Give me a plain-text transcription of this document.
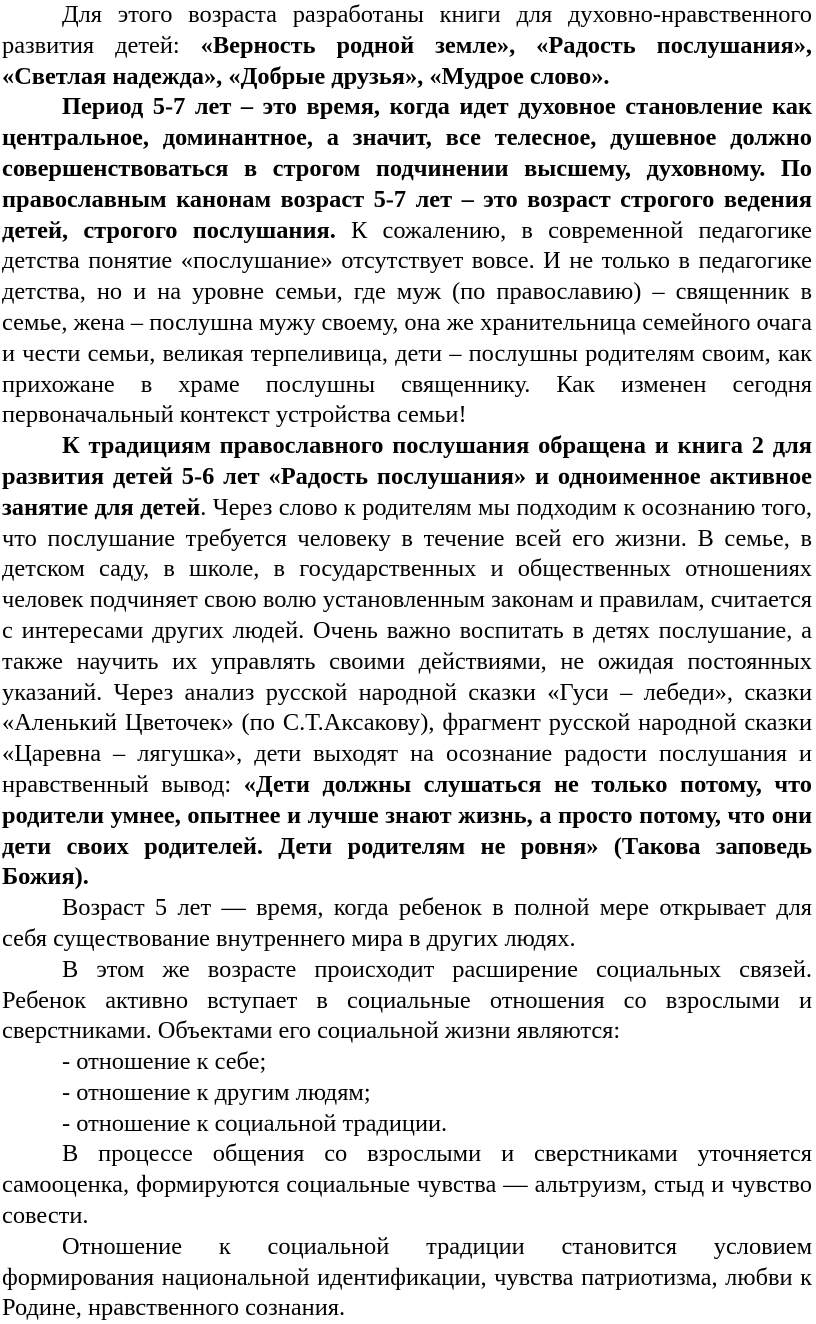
Для этого возраста разработаны книги для духовно-нравственного развития детей: «Верность родной земле», «Радость послушания», «Светлая надежда», «Добрые друзья», «Мудрое слово».

Период 5-7 лет – это время, когда идет духовное становление как центральное, доминантное, а значит, все телесное, душевное должно совершенствоваться в строгом подчинении высшему, духовному. По православным канонам возраст 5-7 лет – это возраст строгого ведения детей, строгого послушания. К сожалению, в современной педагогике детства понятие «послушание» отсутствует вовсе. И не только в педагогике детства, но и на уровне семьи, где муж (по православию) – священник в семье, жена – послушна мужу своему, она же хранительница семейного очага и чести семьи, великая терпеливица, дети – послушны родителям своим, как прихожане в храме послушны священнику. Как изменен сегодня первоначальный контекст устройства семьи!

К традициям православного послушания обращена и книга 2 для развития детей 5-6 лет «Радость послушания» и одноименное активное занятие для детей. Через слово к родителям мы подходим к осознанию того, что послушание требуется человеку в течение всей его жизни. В семье, в детском саду, в школе, в государственных и общественных отношениях человек подчиняет свою волю установленным законам и правилам, считается с интересами других людей. Очень важно воспитать в детях послушание, а также научить их управлять своими действиями, не ожидая постоянных указаний. Через анализ русской народной сказки «Гуси – лебеди», сказки «Аленький Цветочек» (по С.Т.Аксакову), фрагмент русской народной сказки «Царевна – лягушка», дети выходят на осознание радости послушания и нравственный вывод: «Дети должны слушаться не только потому, что родители умнее, опытнее и лучше знают жизнь, а просто потому, что они дети своих родителей. Дети родителям не ровня» (Такова заповедь Божия).

Возраст 5 лет — время, когда ребенок в полной мере открывает для себя существование внутреннего мира в других людях.

В этом же возрасте происходит расширение социальных связей. Ребенок активно вступает в социальные отношения со взрослыми и сверстниками. Объектами его социальной жизни являются:

- отношение к себе;

- отношение к другим людям;

- отношение к социальной традиции.

В процессе общения со взрослыми и сверстниками уточняется самооценка, формируются социальные чувства — альтруизм, стыд и чувство совести.

Отношение к социальной традиции становится условием формирования национальной идентификации, чувства патриотизма, любви к Родине, нравственного сознания.
